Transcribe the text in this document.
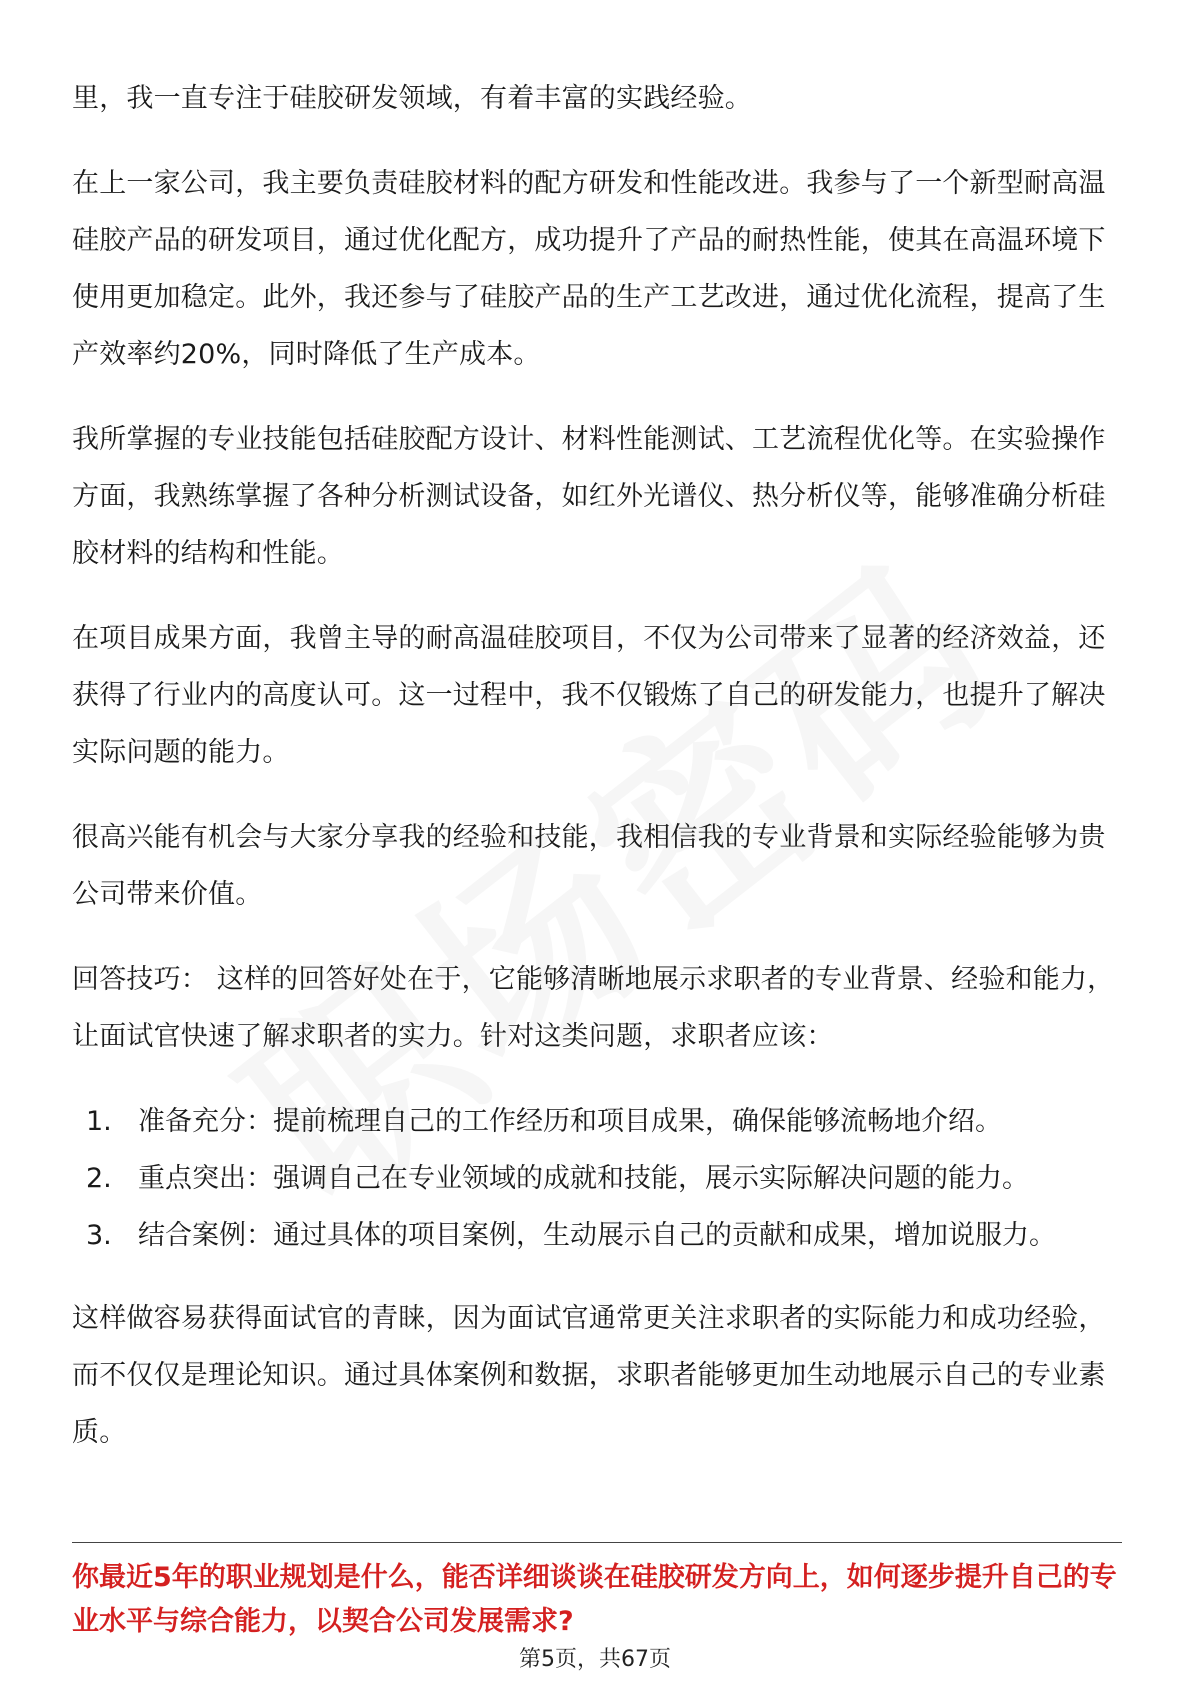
里，我一直专注于硅胶研发领域，有着丰富的实践经验。

在上一家公司，我主要负责硅胶材料的配方研发和性能改进。我参与了一个新型耐高温硅胶产品的研发项目，通过优化配方，成功提升了产品的耐热性能，使其在高温环境下使用更加稳定。此外，我还参与了硅胶产品的生产工艺改进，通过优化流程，提高了生产效率约20%，同时降低了生产成本。

我所掌握的专业技能包括硅胶配方设计、材料性能测试、工艺流程优化等。在实验操作方面，我熟练掌握了各种分析测试设备，如红外光谱仪、热分析仪等，能够准确分析硅胶材料的结构和性能。

在项目成果方面，我曾主导的耐高温硅胶项目，不仅为公司带来了显著的经济效益，还获得了行业内的高度认可。这一过程中，我不仅锻炼了自己的研发能力，也提升了解决实际问题的能力。

很高兴能有机会与大家分享我的经验和技能，我相信我的专业背景和实际经验能够为贵公司带来价值。

回答技巧： 这样的回答好处在于，它能够清晰地展示求职者的专业背景、经验和能力，让面试官快速了解求职者的实力。针对这类问题，求职者应该：

1. 准备充分：提前梳理自己的工作经历和项目成果，确保能够流畅地介绍。
2. 重点突出：强调自己在专业领域的成就和技能，展示实际解决问题的能力。
3. 结合案例：通过具体的项目案例，生动展示自己的贡献和成果，增加说服力。

这样做容易获得面试官的青睐，因为面试官通常更关注求职者的实际能力和成功经验，而不仅仅是理论知识。通过具体案例和数据，求职者能够更加生动地展示自己的专业素质。

你最近5年的职业规划是什么，能否详细谈谈在硅胶研发方向上，如何逐步提升自己的专业水平与综合能力，以契合公司发展需求?

第5页，共67页
